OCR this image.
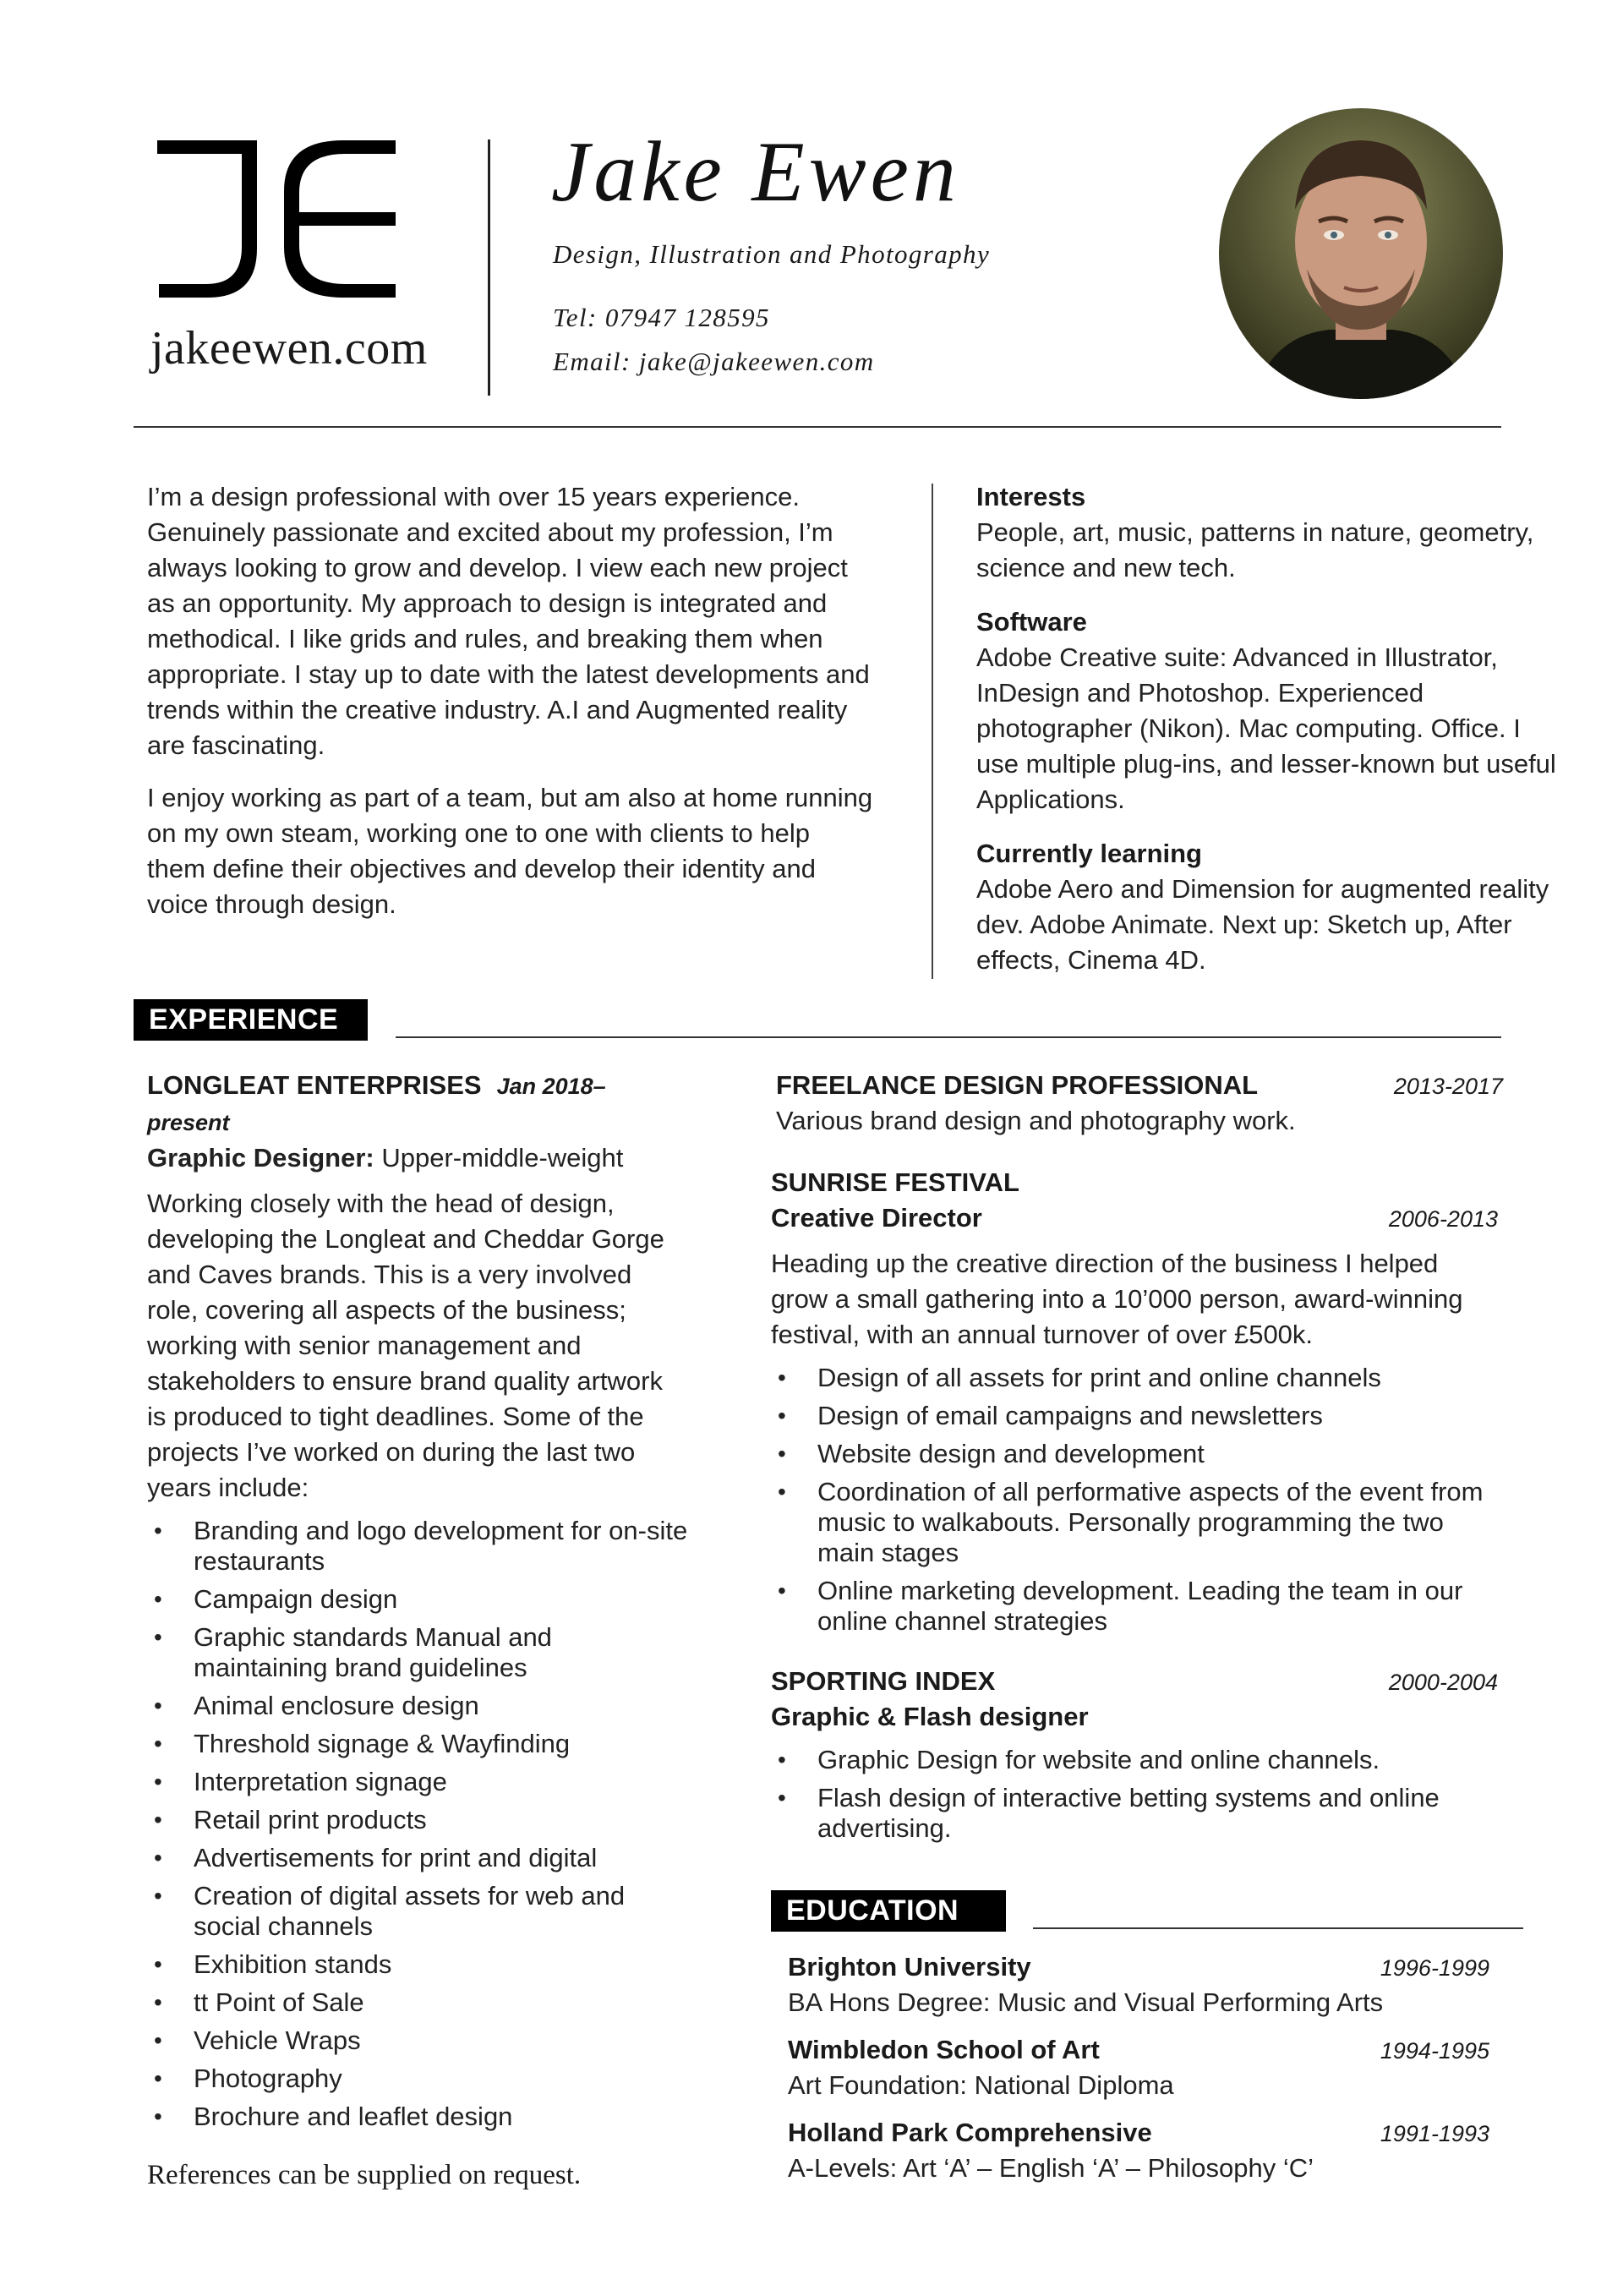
jakeewen.com
Jake Ewen
Design, Illustration and Photography
Tel: 07947 128595
Email: jake@jakeewen.com

I’m a design professional with over 15 years experience. Genuinely passionate and excited about my profession, I’m always looking to grow and develop. I view each new project as an opportunity. My approach to design is integrated and methodical. I like grids and rules, and breaking them when appropriate. I stay up to date with the latest developments and trends within the creative industry. A.I and Augmented reality are fascinating.

I enjoy working as part of a team, but am also at home running on my own steam, working one to one with clients to help them define their objectives and develop their identity and voice through design.

Interests
People, art, music, patterns in nature, geometry, science and new tech.
Software
Adobe Creative suite: Advanced in Illustrator, InDesign and Photoshop. Experienced photographer (Nikon). Mac computing. Office. I use multiple plug-ins, and lesser-known but useful Applications.
Currently learning
Adobe Aero and Dimension for augmented reality dev. Adobe Animate. Next up: Sketch up, After effects, Cinema 4D.
EXPERIENCE
LONGLEAT ENTERPRISES Jan 2018–present
Graphic Designer: Upper-middle-weight
Working closely with the head of design, developing the Longleat and Cheddar Gorge and Caves brands. This is a very involved role, covering all aspects of the business; working with senior management and stakeholders to ensure brand quality artwork is produced to tight deadlines. Some of the projects I’ve worked on during the last two years include:
• Branding and logo development for on-site restaurants
• Campaign design
• Graphic standards Manual and maintaining brand guidelines
• Animal enclosure design
• Threshold signage & Wayfinding
• Interpretation signage
• Retail print products
• Advertisements for print and digital
• Creation of digital assets for web and social channels
• Exhibition stands
• tt Point of Sale
• Vehicle Wraps
• Photography
• Brochure and leaflet design
References can be supplied on request.
FREELANCE DESIGN PROFESSIONAL	2013-2017
Various brand design and photography work.
SUNRISE FESTIVAL
Creative Director	2006-2013
Heading up the creative direction of the business I helped grow a small gathering into a 10’000 person, award-winning festival, with an annual turnover of over £500k.
• Design of all assets for print and online channels
• Design of email campaigns and newsletters
• Website design and development
• Coordination of all performative aspects of the event from music to walkabouts. Personally programming the two main stages
• Online marketing development. Leading the team in our online channel strategies
SPORTING INDEX	2000-2004
Graphic & Flash designer
• Graphic Design for website and online channels.
• Flash design of interactive betting systems and online advertising.
EDUCATION
Brighton University	1996-1999
BA Hons Degree: Music and Visual Performing Arts
Wimbledon School of Art	1994-1995
Art Foundation: National Diploma
Holland Park Comprehensive	1991-1993
A-Levels: Art ‘A’ – English ‘A’ – Philosophy ‘C’
